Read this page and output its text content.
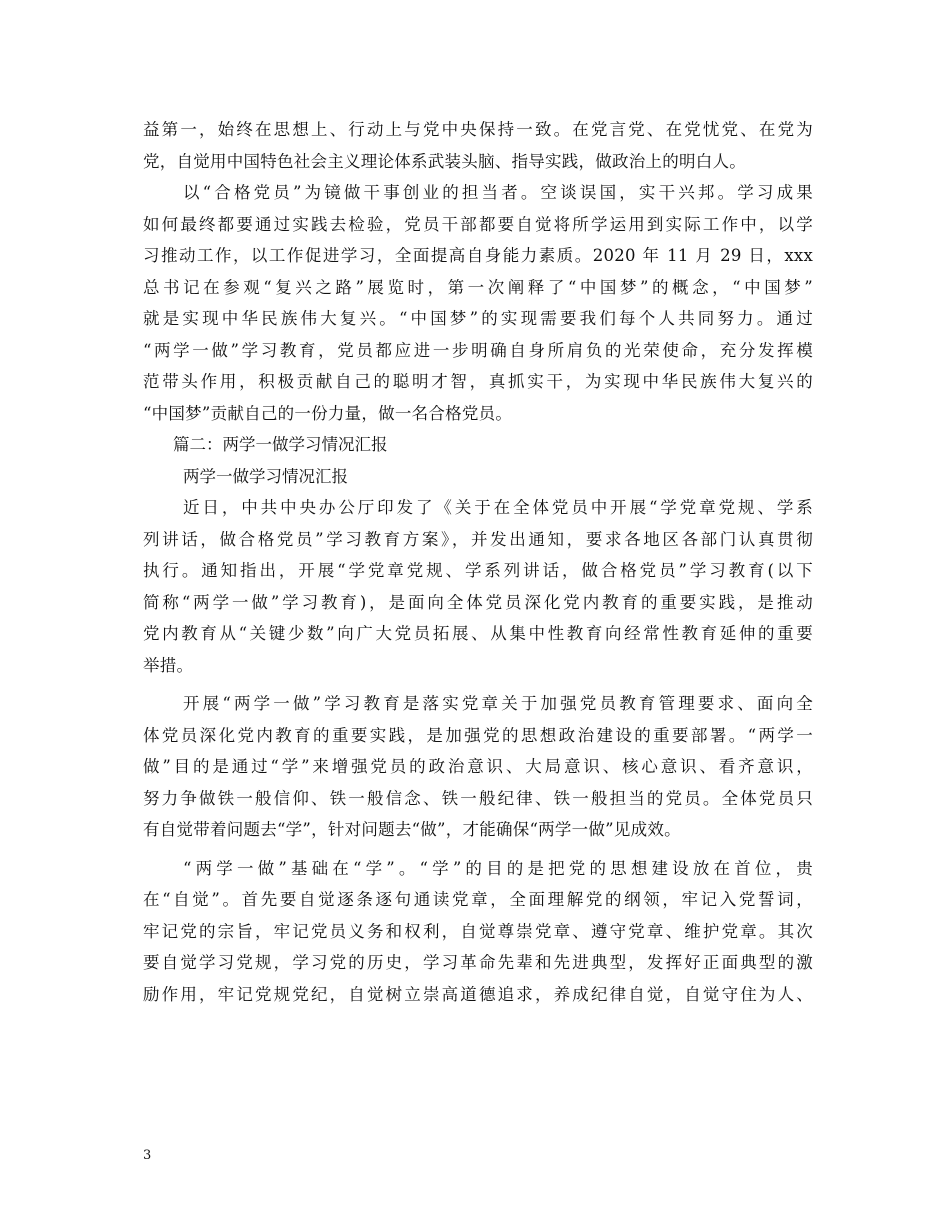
益第一，始终在思想上、行动上与党中央保持一致。在党言党、在党忧党、在党为
党，自觉用中国特色社会主义理论体系武装头脑、指导实践，做政治上的明白人。
以“合格党员”为镜做干事创业的担当者。空谈误国，实干兴邦。学习成果
如何最终都要通过实践去检验，党员干部都要自觉将所学运用到实际工作中，以学
习推动工作，以工作促进学习，全面提高自身能力素质。2020 年 11 月 29 日，xxx
总书记在参观“复兴之路”展览时，第一次阐释了“中国梦”的概念，“中国梦”
就是实现中华民族伟大复兴。“中国梦”的实现需要我们每个人共同努力。通过
“两学一做”学习教育，党员都应进一步明确自身所肩负的光荣使命，充分发挥模
范带头作用，积极贡献自己的聪明才智，真抓实干，为实现中华民族伟大复兴的
“中国梦”贡献自己的一份力量，做一名合格党员。
篇二：两学一做学习情况汇报
两学一做学习情况汇报
近日，中共中央办公厅印发了《关于在全体党员中开展“学党章党规、学系
列讲话，做合格党员”学习教育方案》，并发出通知，要求各地区各部门认真贯彻
执行。通知指出，开展“学党章党规、学系列讲话，做合格党员”学习教育(以下
简称“两学一做”学习教育)，是面向全体党员深化党内教育的重要实践，是推动
党内教育从“关键少数”向广大党员拓展、从集中性教育向经常性教育延伸的重要
举措。
开展“两学一做”学习教育是落实党章关于加强党员教育管理要求、面向全
体党员深化党内教育的重要实践，是加强党的思想政治建设的重要部署。“两学一
做”目的是通过“学”来增强党员的政治意识、大局意识、核心意识、看齐意识，
努力争做铁一般信仰、铁一般信念、铁一般纪律、铁一般担当的党员。全体党员只
有自觉带着问题去“学”，针对问题去“做”，才能确保“两学一做”见成效。
“两学一做”基础在“学”。“学”的目的是把党的思想建设放在首位，贵
在“自觉”。首先要自觉逐条逐句通读党章，全面理解党的纲领，牢记入党誓词，
牢记党的宗旨，牢记党员义务和权利，自觉尊崇党章、遵守党章、维护党章。其次
要自觉学习党规，学习党的历史，学习革命先辈和先进典型，发挥好正面典型的激
励作用，牢记党规党纪，自觉树立崇高道德追求，养成纪律自觉，自觉守住为人、
3
